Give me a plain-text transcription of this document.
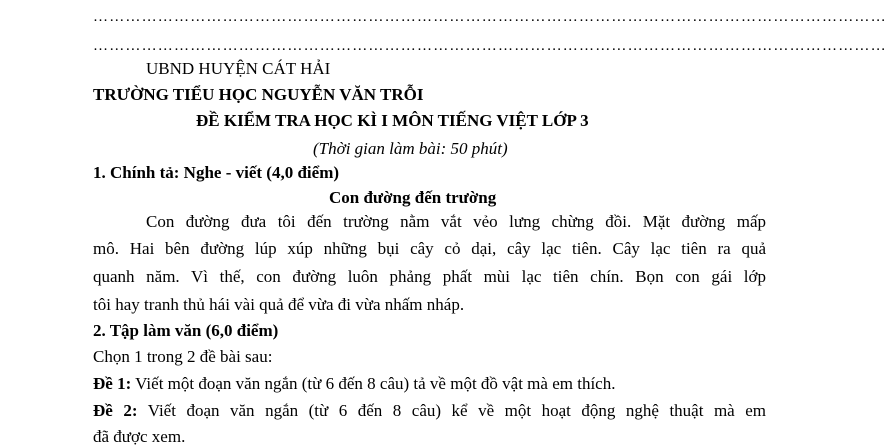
…………………………………………………………………………………………………………………………………
…………………………………………………………………………………………………………………………………
UBND HUYỆN CÁT HẢI
TRƯỜNG TIỂU HỌC NGUYỄN VĂN TRỖI
ĐỀ KIỂM TRA HỌC KÌ I MÔN TIẾNG VIỆT LỚP 3
(Thời gian làm bài: 50 phút)
1. Chính tả: Nghe - viết (4,0 điểm)
Con đường đến trường
Con đường đưa tôi đến trường nằm vắt vẻo lưng chừng đồi. Mặt đường mấp
mô. Hai bên đường lúp xúp những bụi cây cỏ dại, cây lạc tiên. Cây lạc tiên ra quả
quanh năm. Vì thế, con đường luôn phảng phất mùi lạc tiên chín. Bọn con gái lớp
tôi hay tranh thủ hái vài quả để vừa đi vừa nhấm nháp.
2. Tập làm văn (6,0 điểm)
Chọn 1 trong 2 đề bài sau:
Đề 1: Viết một đoạn văn ngắn (từ 6 đến 8 câu) tả về một đồ vật mà em thích.
Đề 2: Viết đoạn văn ngắn (từ 6 đến 8 câu) kể về một hoạt động nghệ thuật mà em
đã được xem.
